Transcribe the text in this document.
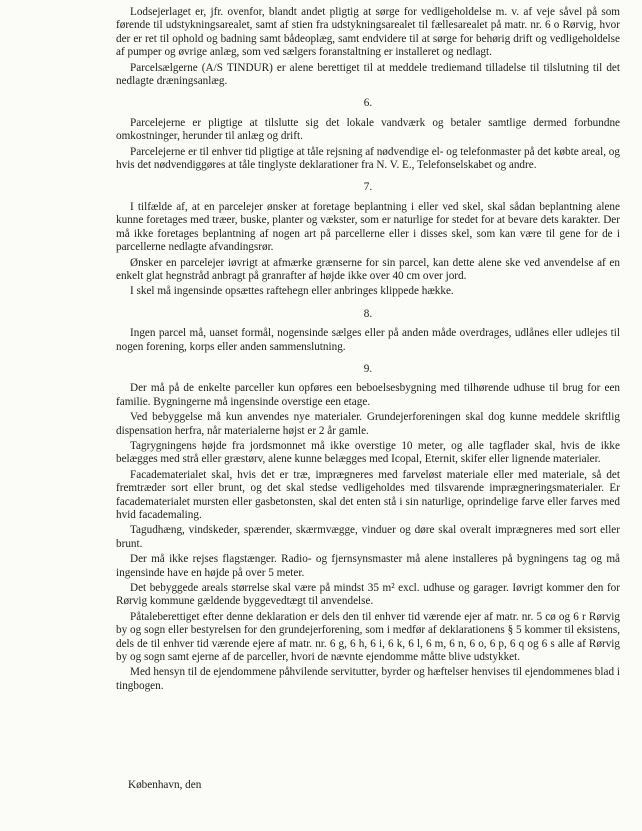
Lodsejerlaget er, jfr. ovenfor, blandt andet pligtig at sørge for vedligeholdelse m. v. af veje såvel på som førende til udstykningsarealet, samt af stien fra udstykningsarealet til fællesarealet på matr. nr. 6 o Rørvig, hvor der er ret til ophold og badning samt bådeoplæg, samt endvidere til at sørge for behørig drift og vedligeholdelse af pumper og øvrige anlæg, som ved sælgers foranstaltning er installeret og nedlagt.

Parcelsælgerne (A/S TINDUR) er alene berettiget til at meddele trediemand tilladelse til tilslutning til det nedlagte dræningsanlæg.

6.

Parcelejerne er pligtige at tilslutte sig det lokale vandværk og betaler samtlige dermed forbundne omkostninger, herunder til anlæg og drift.

Parcelejerne er til enhver tid pligtige at tåle rejsning af nødvendige el- og telefonmaster på det købte areal, og hvis det nødvendiggøres at tåle tinglyste deklarationer fra N. V. E., Telefonselskabet og andre.

7.

I tilfælde af, at en parcelejer ønsker at foretage beplantning i eller ved skel, skal sådan beplantning alene kunne foretages med træer, buske, planter og vækster, som er naturlige for stedet for at bevare dets karakter. Der må ikke foretages beplantning af nogen art på parcellerne eller i disses skel, som kan være til gene for de i parcellerne nedlagte afvandingsrør.

Ønsker en parcelejer iøvrigt at afmærke grænserne for sin parcel, kan dette alene ske ved anvendelse af en enkelt glat hegnstråd anbragt på granrafter af højde ikke over 40 cm over jord.

I skel må ingensinde opsættes raftehegn eller anbringes klippede hække.

8.

Ingen parcel må, uanset formål, nogensinde sælges eller på anden måde overdrages, udlånes eller udlejes til nogen forening, korps eller anden sammenslutning.

9.

Der må på de enkelte parceller kun opføres een beboelsesbygning med tilhørende udhuse til brug for een familie. Bygningerne må ingensinde overstige een etage.

Ved bebyggelse må kun anvendes nye materialer. Grundejerforeningen skal dog kunne meddele skriftlig dispensation herfra, når materialerne højst er 2 år gamle.

Tagrygningens højde fra jordsmonnet må ikke overstige 10 meter, og alle tagflader skal, hvis de ikke belægges med strå eller græstørv, alene kunne belægges med Icopal, Eternit, skifer eller lignende materialer.

Facadematerialet skal, hvis det er træ, imprægneres med farveløst materiale eller med materiale, så det fremtræder sort eller brunt, og det skal stedse vedligeholdes med tilsvarende imprægneringsmaterialer. Er facadematerialet mursten eller gasbetonsten, skal det enten stå i sin naturlige, oprindelige farve eller farves med hvid facademaling.

Tagudhæng, vindskeder, spærender, skærmvægge, vinduer og døre skal overalt imprægneres med sort eller brunt.

Der må ikke rejses flagstænger. Radio- og fjernsynsmaster må alene installeres på bygningens tag og må ingensinde have en højde på over 5 meter.

Det bebyggede areals størrelse skal være på mindst 35 m² excl. udhuse og garager. Iøvrigt kommer den for Rørvig kommune gældende byggevedtægt til anvendelse.

Påtaleberettiget efter denne deklaration er dels den til enhver tid værende ejer af matr. nr. 5 cø og 6 r Rørvig by og sogn eller bestyrelsen for den grundejerforening, som i medfør af deklarationens § 5 kommer til eksistens, dels de til enhver tid værende ejere af matr. nr. 6 g, 6 h, 6 i, 6 k, 6 l, 6 m, 6 n, 6 o, 6 p, 6 q og 6 s alle af Rørvig by og sogn samt ejerne af de parceller, hvori de nævnte ejendomme måtte blive udstykket.

Med hensyn til de ejendommene påhvilende servitutter, byrder og hæftelser henvises til ejendommenes blad i tingbogen.

København, den
